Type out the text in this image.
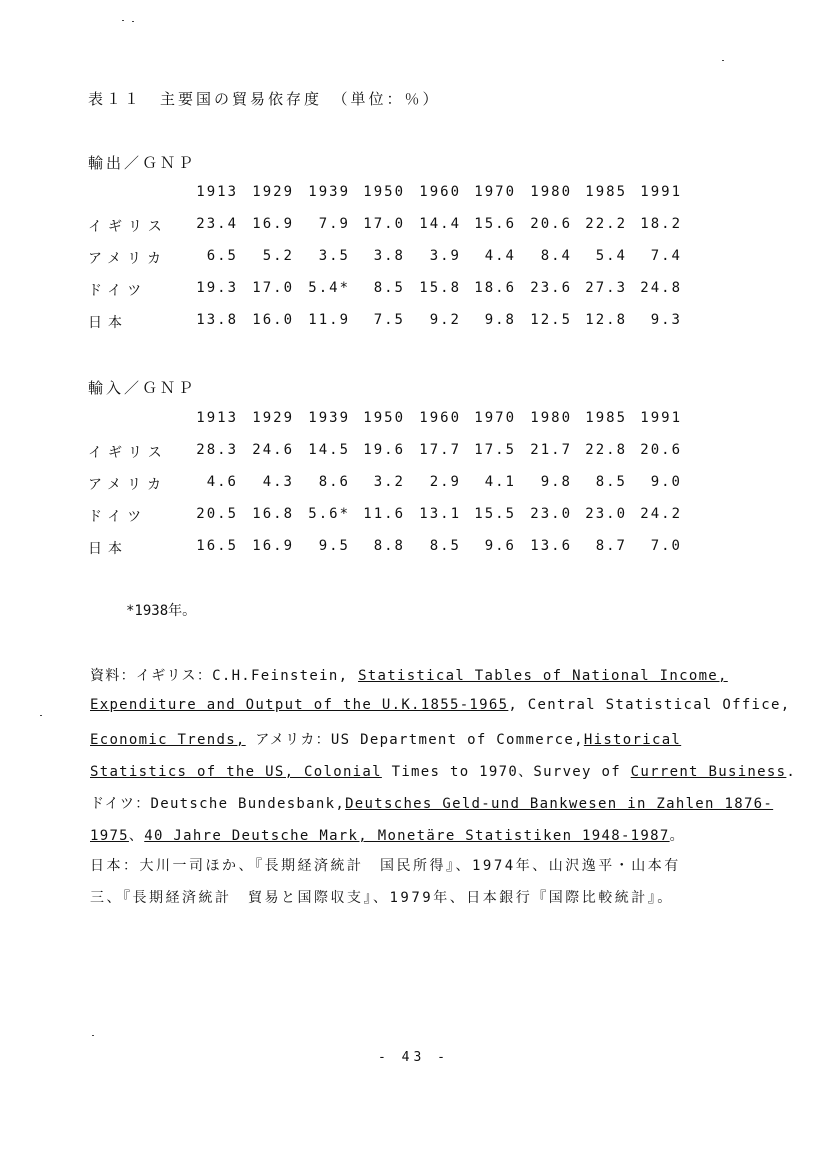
表１１　主要国の貿易依存度　（単位：％）
輸出／ＧＮＰ
1913	1929	1939 1950	1960 1970	1980 1985 1991
イギリス	23.4	16.9	7.9 17.0	14.4 15.6	20.6 22.2 18.2
アメリカ	6.5	5.2	3.5	3.8	3.9	4.4	8.4	5.4	7.4
ドイツ	19.3	17.0	5.4*	8.5	15.8 18.6	23.6 27.3 24.8
日本	13.8	16.0	11.9	7.5	9.2	9.8	12.5 12.8	9.3
輸入／ＧＮＰ
1913	1929	1939 1950	1960 1970	1980 1985 1991
イギリス	28.3	24.6	14.5 19.6	17.7 17.5	21.7 22.8 20.6
アメリカ	4.6	4.3	8.6	3.2	2.9	4.1	9.8	8.5	9.0
ドイツ	20.5	16.8	5.6* 11.6	13.1 15.5	23.0 23.0 24.2
日本	16.5	16.9	9.5	8.8	8.5	9.6	13.6	8.7	7.0
*1938年。
資料：イギリス：C.H.Feinstein, Statistical Tables of National Income,
Expenditure and Output of the U.K.1855-1965, Central Statistical Office,
Economic Trends, アメリカ：US Department of Commerce,Historical
Statistics of the US, Colonial Times to 1970、Survey of Current Business.
ドイツ：Deutsche Bundesbank,Deutsches Geld-und Bankwesen in Zahlen 1876-
1975、40 Jahre Deutsche Mark, Monetäre Statistiken 1948-1987。
日本：大川一司ほか、『長期経済統計　国民所得』、1974年、山沢逸平・山本有
三、『長期経済統計　貿易と国際収支』、1979年、日本銀行『国際比較統計』。
- 43 -
